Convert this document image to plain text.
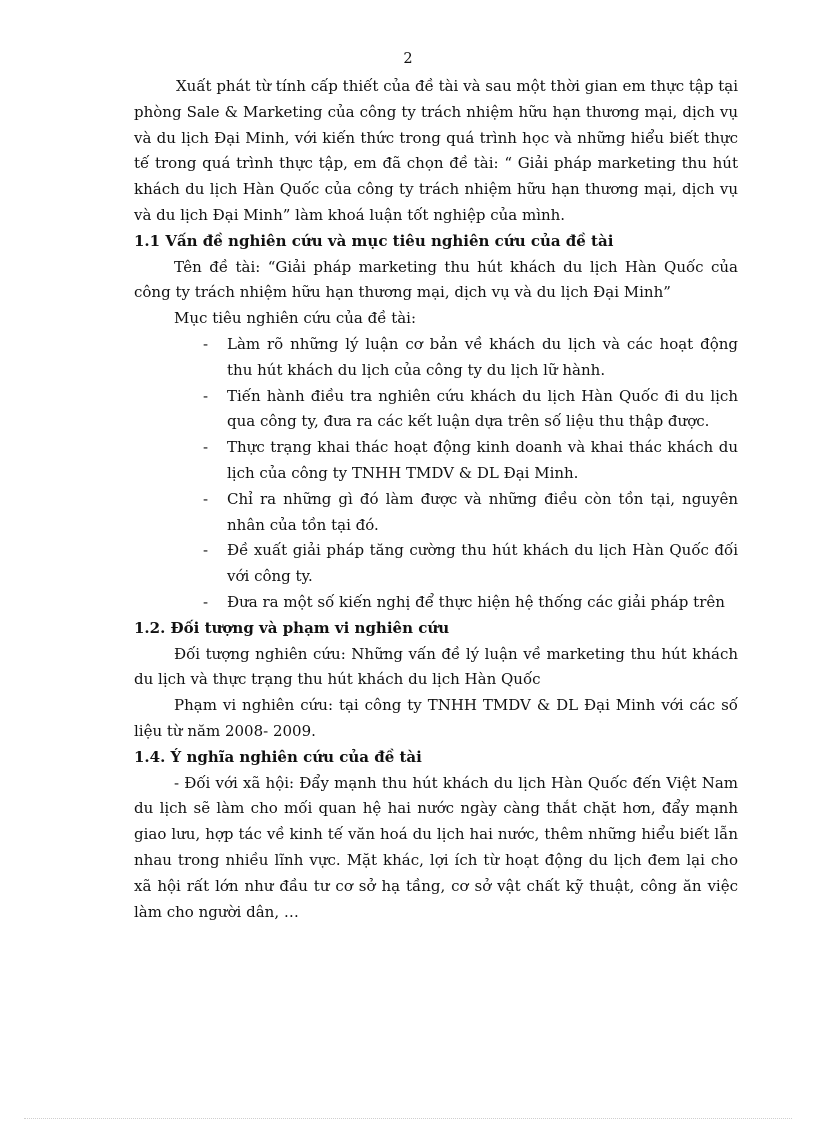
2

Xuất phát từ tính cấp thiết của đề tài và sau một thời gian em thực tập tại phòng Sale & Marketing của công ty trách nhiệm hữu hạn thương mại, dịch vụ và du lịch Đại Minh, với kiến thức trong quá trình học và những hiểu biết thực tế trong quá trình thực tập, em đã chọn đề tài: “ Giải pháp marketing thu hút khách du lịch Hàn Quốc của công ty trách nhiệm hữu hạn thương mại, dịch vụ và du lịch Đại Minh” làm khoá luận tốt nghiệp của mình.

1.1 Vấn đề nghiên cứu và mục tiêu nghiên cứu của đề tài

Tên đề tài: “Giải pháp marketing thu hút khách du lịch Hàn Quốc của công ty trách nhiệm hữu hạn thương mại, dịch vụ và du lịch Đại Minh”

Mục tiêu nghiên cứu của đề tài:

- Làm rõ những lý luận cơ bản về khách du lịch và các hoạt động thu hút khách du lịch của công ty du lịch lữ hành.
- Tiến hành điều tra nghiên cứu khách du lịch Hàn Quốc đi du lịch qua công ty, đưa ra các kết luận dựa trên số liệu thu thập được.
- Thực trạng khai thác hoạt động kinh doanh và khai thác khách du lịch của công ty TNHH TMDV & DL Đại Minh.
- Chỉ ra những gì đó làm được và những điều còn tồn tại, nguyên nhân của tồn tại đó.
- Đề xuất giải pháp tăng cường thu hút khách du lịch Hàn Quốc đối với công ty.
- Đưa ra một số kiến nghị để thực hiện hệ thống các giải pháp trên
1.2. Đối tượng và phạm vi nghiên cứu

Đối tượng nghiên cứu: Những vấn đề lý luận về marketing thu hút khách du lịch và thực trạng thu hút khách du lịch Hàn Quốc

Phạm vi nghiên cứu: tại công ty TNHH TMDV & DL Đại Minh với các số liệu từ năm 2008- 2009.

1.4. Ý nghĩa nghiên cứu của đề tài

- Đối với xã hội: Đẩy mạnh thu hút khách du lịch Hàn Quốc đến Việt Nam du lịch sẽ làm cho mối quan hệ hai nước ngày càng thắt chặt hơn, đẩy mạnh giao lưu, hợp tác về kinh tế văn hoá du lịch hai nước, thêm những hiểu biết lẫn nhau trong nhiều lĩnh vực. Mặt khác, lợi ích từ hoạt động du lịch đem lại cho xã hội rất lớn như đầu tư cơ sở hạ tầng, cơ sở vật chất kỹ thuật, công ăn việc làm cho người dân, …
